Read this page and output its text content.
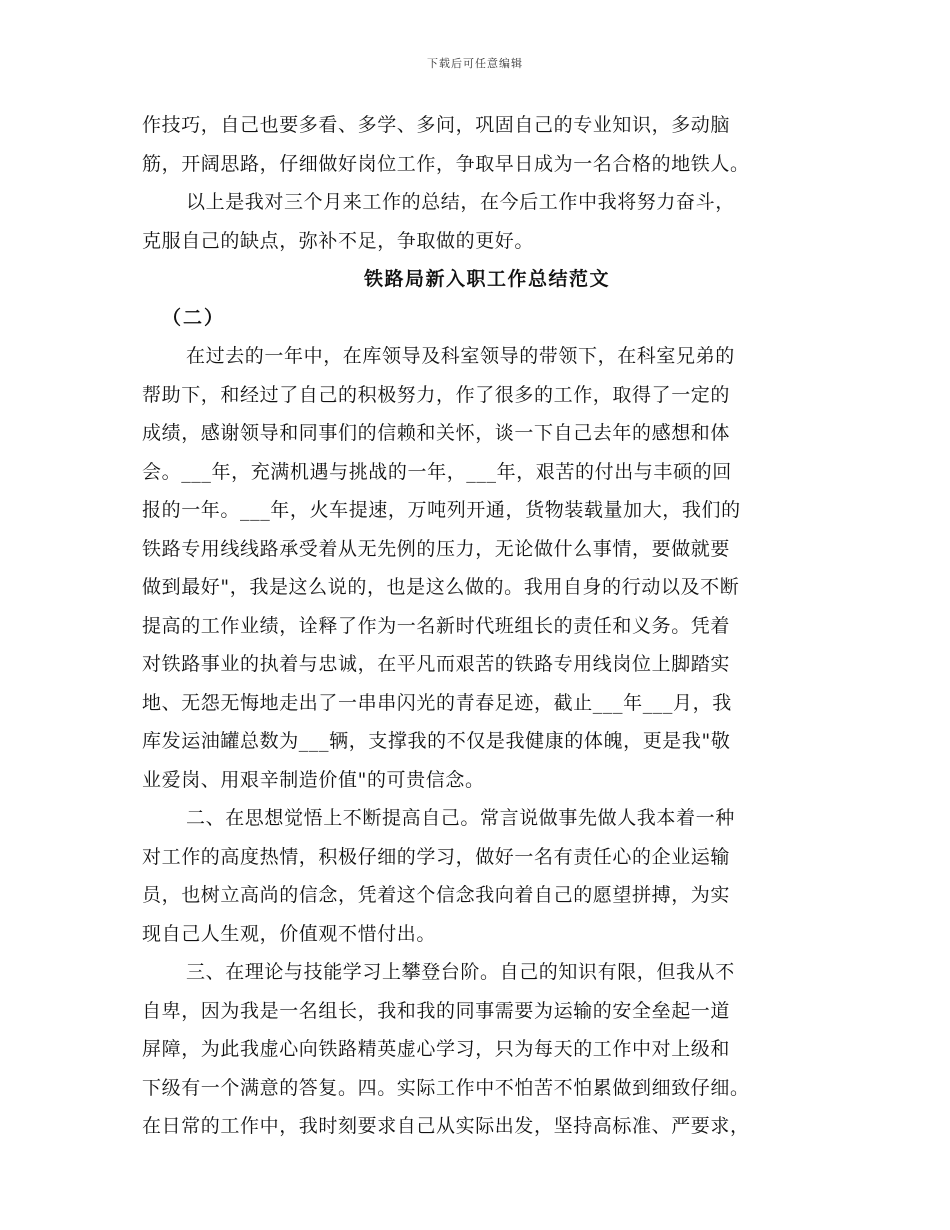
下载后可任意编辑
作技巧，自己也要多看、多学、多问，巩固自己的专业知识，多动脑
筋，开阔思路，仔细做好岗位工作，争取早日成为一名合格的地铁人。
以上是我对三个月来工作的总结，在今后工作中我将努力奋斗，
克服自己的缺点，弥补不足，争取做的更好。
铁路局新入职工作总结范文
（二）
在过去的一年中，在库领导及科室领导的带领下，在科室兄弟的
帮助下，和经过了自己的积极努力，作了很多的工作，取得了一定的
成绩，感谢领导和同事们的信赖和关怀，谈一下自己去年的感想和体
会。___年，充满机遇与挑战的一年，___年，艰苦的付出与丰硕的回
报的一年。___年，火车提速，万吨列开通，货物装载量加大，我们的
铁路专用线线路承受着从无先例的压力，无论做什么事情，要做就要
做到最好"，我是这么说的，也是这么做的。我用自身的行动以及不断
提高的工作业绩，诠释了作为一名新时代班组长的责任和义务。凭着
对铁路事业的执着与忠诚，在平凡而艰苦的铁路专用线岗位上脚踏实
地、无怨无悔地走出了一串串闪光的青春足迹，截止___年___月，我
库发运油罐总数为___辆，支撑我的不仅是我健康的体魄，更是我"敬
业爱岗、用艰辛制造价值"的可贵信念。
二、在思想觉悟上不断提高自己。常言说做事先做人我本着一种
对工作的高度热情，积极仔细的学习，做好一名有责任心的企业运输
员，也树立高尚的信念，凭着这个信念我向着自己的愿望拼搏，为实
现自己人生观，价值观不惜付出。
三、在理论与技能学习上攀登台阶。自己的知识有限，但我从不
自卑，因为我是一名组长，我和我的同事需要为运输的安全垒起一道
屏障，为此我虚心向铁路精英虚心学习，只为每天的工作中对上级和
下级有一个满意的答复。四。实际工作中不怕苦不怕累做到细致仔细。
在日常的工作中，我时刻要求自己从实际出发，坚持高标准、严要求，
